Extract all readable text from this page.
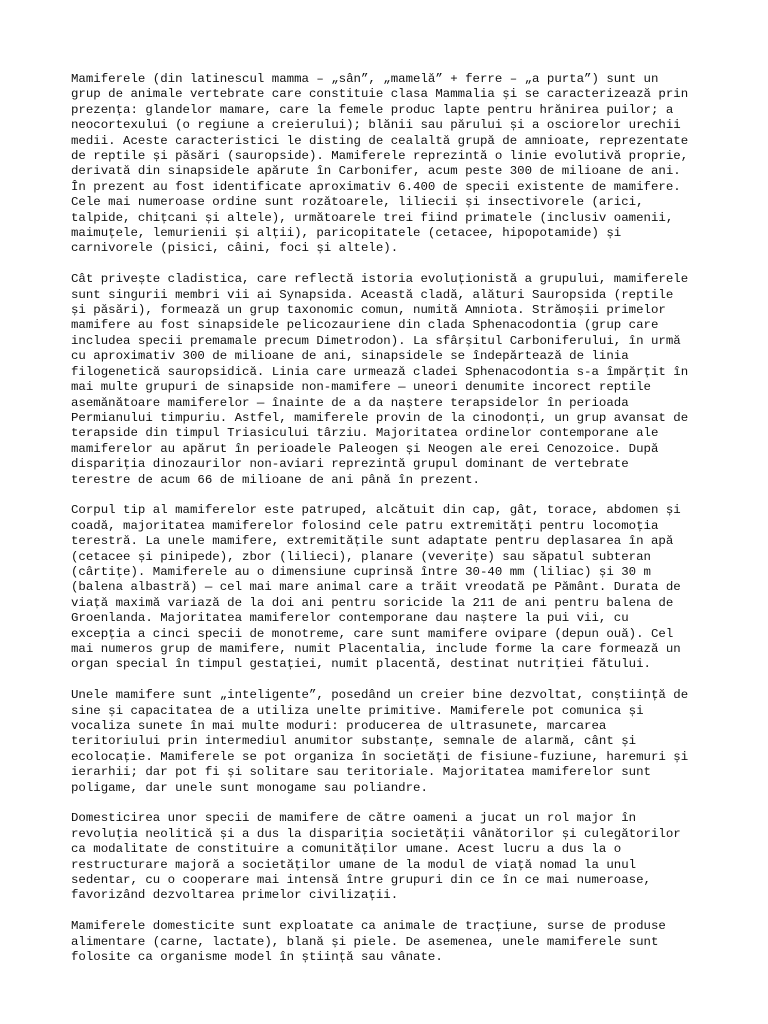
Mamiferele (din latinescul mamma – „sân”, „mamelă” + ferre – „a purta”) sunt un
grup de animale vertebrate care constituie clasa Mammalia și se caracterizează prin
prezența: glandelor mamare, care la femele produc lapte pentru hrănirea puilor; a
neocortexului (o regiune a creierului); blănii sau părului și a osciorelor urechii
medii. Aceste caracteristici le disting de cealaltă grupă de amnioate, reprezentate
de reptile și păsări (sauropside). Mamiferele reprezintă o linie evolutivă proprie,
derivată din sinapsidele apărute în Carbonifer, acum peste 300 de milioane de ani.
În prezent au fost identificate aproximativ 6.400 de specii existente de mamifere.
Cele mai numeroase ordine sunt rozătoarele, liliecii și insectivorele (arici,
talpide, chițcani și altele), următoarele trei fiind primatele (inclusiv oamenii,
maimuțele, lemurienii și alții), paricopitatele (cetacee, hipopotamide) și
carnivorele (pisici, câini, foci și altele).

Cât privește cladistica, care reflectă istoria evoluționistă a grupului, mamiferele
sunt singurii membri vii ai Synapsida. Această cladă, alături Sauropsida (reptile
și păsări), formează un grup taxonomic comun, numită Amniota. Strămoșii primelor
mamifere au fost sinapsidele pelicozauriene din clada Sphenacodontia (grup care
includea specii premamale precum Dimetrodon). La sfârșitul Carboniferului, în urmă
cu aproximativ 300 de milioane de ani, sinapsidele se îndepărtează de linia
filogenetică sauropsidică. Linia care urmează cladei Sphenacodontia s-a împărțit în
mai multe grupuri de sinapside non-mamifere — uneori denumite incorect reptile
asemănătoare mamiferelor — înainte de a da naștere terapsidelor în perioada
Permianului timpuriu. Astfel, mamiferele provin de la cinodonți, un grup avansat de
terapside din timpul Triasicului târziu. Majoritatea ordinelor contemporane ale
mamiferelor au apărut în perioadele Paleogen și Neogen ale erei Cenozoice. După
dispariția dinozaurilor non-aviari reprezintă grupul dominant de vertebrate
terestre de acum 66 de milioane de ani până în prezent.

Corpul tip al mamiferelor este patruped, alcătuit din cap, gât, torace, abdomen și
coadă, majoritatea mamiferelor folosind cele patru extremități pentru locomoția
terestră. La unele mamifere, extremitățile sunt adaptate pentru deplasarea în apă
(cetacee și pinipede), zbor (lilieci), planare (veverițe) sau săpatul subteran
(cârtițe). Mamiferele au o dimensiune cuprinsă între 30-40 mm (liliac) și 30 m
(balena albastră) — cel mai mare animal care a trăit vreodată pe Pământ. Durata de
viață maximă variază de la doi ani pentru soricide la 211 de ani pentru balena de
Groenlanda. Majoritatea mamiferelor contemporane dau naștere la pui vii, cu
excepția a cinci specii de monotreme, care sunt mamifere ovipare (depun ouă). Cel
mai numeros grup de mamifere, numit Placentalia, include forme la care formează un
organ special în timpul gestației, numit placentă, destinat nutriției fătului.

Unele mamifere sunt „inteligente”, posedând un creier bine dezvoltat, conștiință de
sine și capacitatea de a utiliza unelte primitive. Mamiferele pot comunica și
vocaliza sunete în mai multe moduri: producerea de ultrasunete, marcarea
teritoriului prin intermediul anumitor substanțe, semnale de alarmă, cânt și
ecolocație. Mamiferele se pot organiza în societăți de fisiune-fuziune, haremuri și
ierarhii; dar pot fi și solitare sau teritoriale. Majoritatea mamiferelor sunt
poligame, dar unele sunt monogame sau poliandre.

Domesticirea unor specii de mamifere de către oameni a jucat un rol major în
revoluția neolitică și a dus la dispariția societății vânătorilor și culegătorilor
ca modalitate de constituire a comunităților umane. Acest lucru a dus la o
restructurare majoră a societăților umane de la modul de viață nomad la unul
sedentar, cu o cooperare mai intensă între grupuri din ce în ce mai numeroase,
favorizând dezvoltarea primelor civilizații.

Mamiferele domesticite sunt exploatate ca animale de tracțiune, surse de produse
alimentare (carne, lactate), blană și piele. De asemenea, unele mamiferele sunt
folosite ca organisme model în știință sau vânate.
